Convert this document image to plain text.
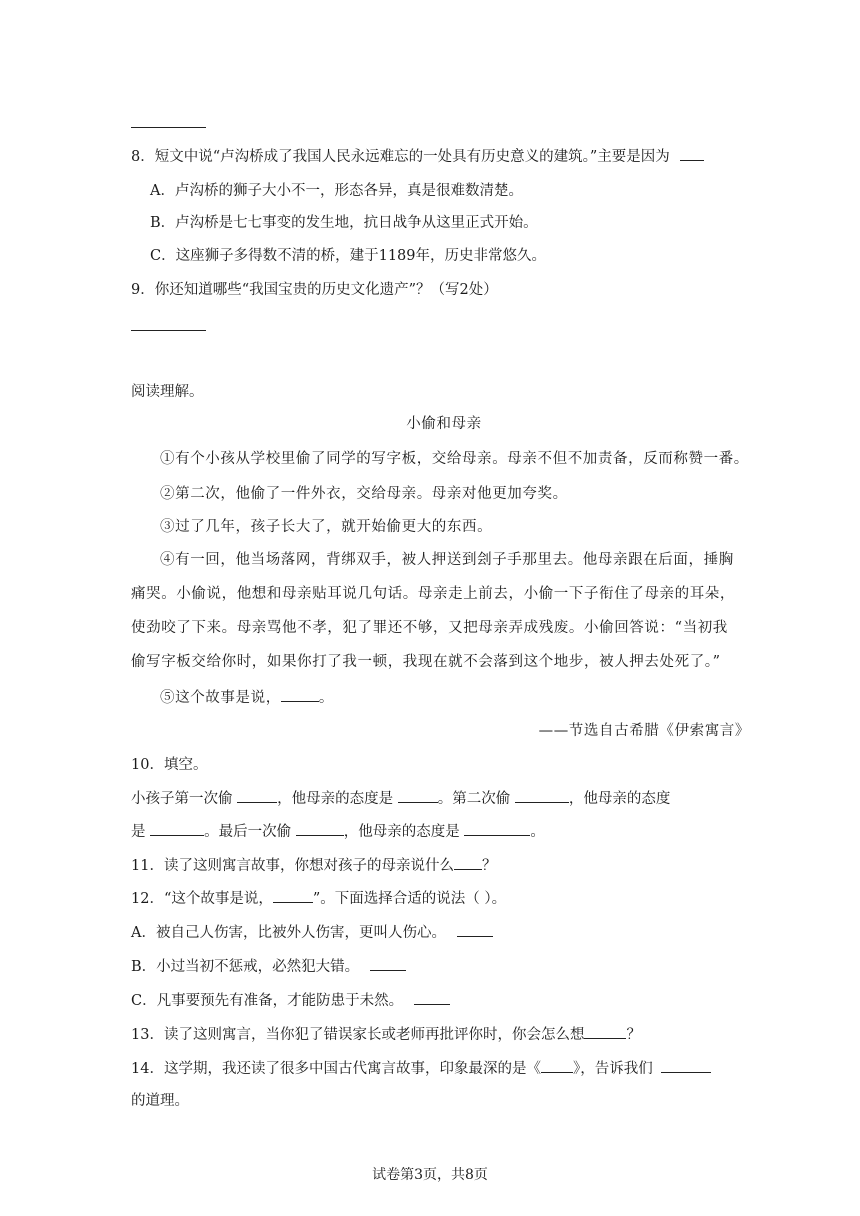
8．短文中说“卢沟桥成了我国人民永远难忘的一处具有历史意义的建筑。”主要是因为
A．卢沟桥的狮子大小不一，形态各异，真是很难数清楚。
B．卢沟桥是七七事变的发生地，抗日战争从这里正式开始。
C．这座狮子多得数不清的桥，建于1189年，历史非常悠久。
9．你还知道哪些“我国宝贵的历史文化遗产”？（写2处）
阅读理解。
小偷和母亲
①有个小孩从学校里偷了同学的写字板，交给母亲。母亲不但不加责备，反而称赞一番。
②第二次，他偷了一件外衣，交给母亲。母亲对他更加夸奖。
③过了几年，孩子长大了，就开始偷更大的东西。
④有一回，他当场落网，背绑双手，被人押送到刽子手那里去。他母亲跟在后面，捶胸
痛哭。小偷说，他想和母亲贴耳说几句话。母亲走上前去，小偷一下子衔住了母亲的耳朵，
使劲咬了下来。母亲骂他不孝，犯了罪还不够，又把母亲弄成残废。小偷回答说：“当初我
偷写字板交给你时，如果你打了我一顿，我现在就不会落到这个地步，被人押去处死了。”
⑤这个故事是说，	。
——节选自古希腊《伊索寓言》
10．填空。
小孩子第一次偷	，他母亲的态度是	。第二次偷	，他母亲的态度
是	。最后一次偷	，他母亲的态度是	。
11．读了这则寓言故事，你想对孩子的母亲说什么 ？
12．“这个故事是说，	”。下面选择合适的说法（ ）。
A．被自己人伤害，比被外人伤害，更叫人伤心。
B．小过当初不惩戒，必然犯大错。
C．凡事要预先有准备，才能防患于未然。
13．读了这则寓言，当你犯了错误家长或老师再批评你时，你会怎么想	？
14．这学期，我还读了很多中国古代寓言故事，印象最深的是《 》，告诉我们
的道理。
试卷第3页，共8页
